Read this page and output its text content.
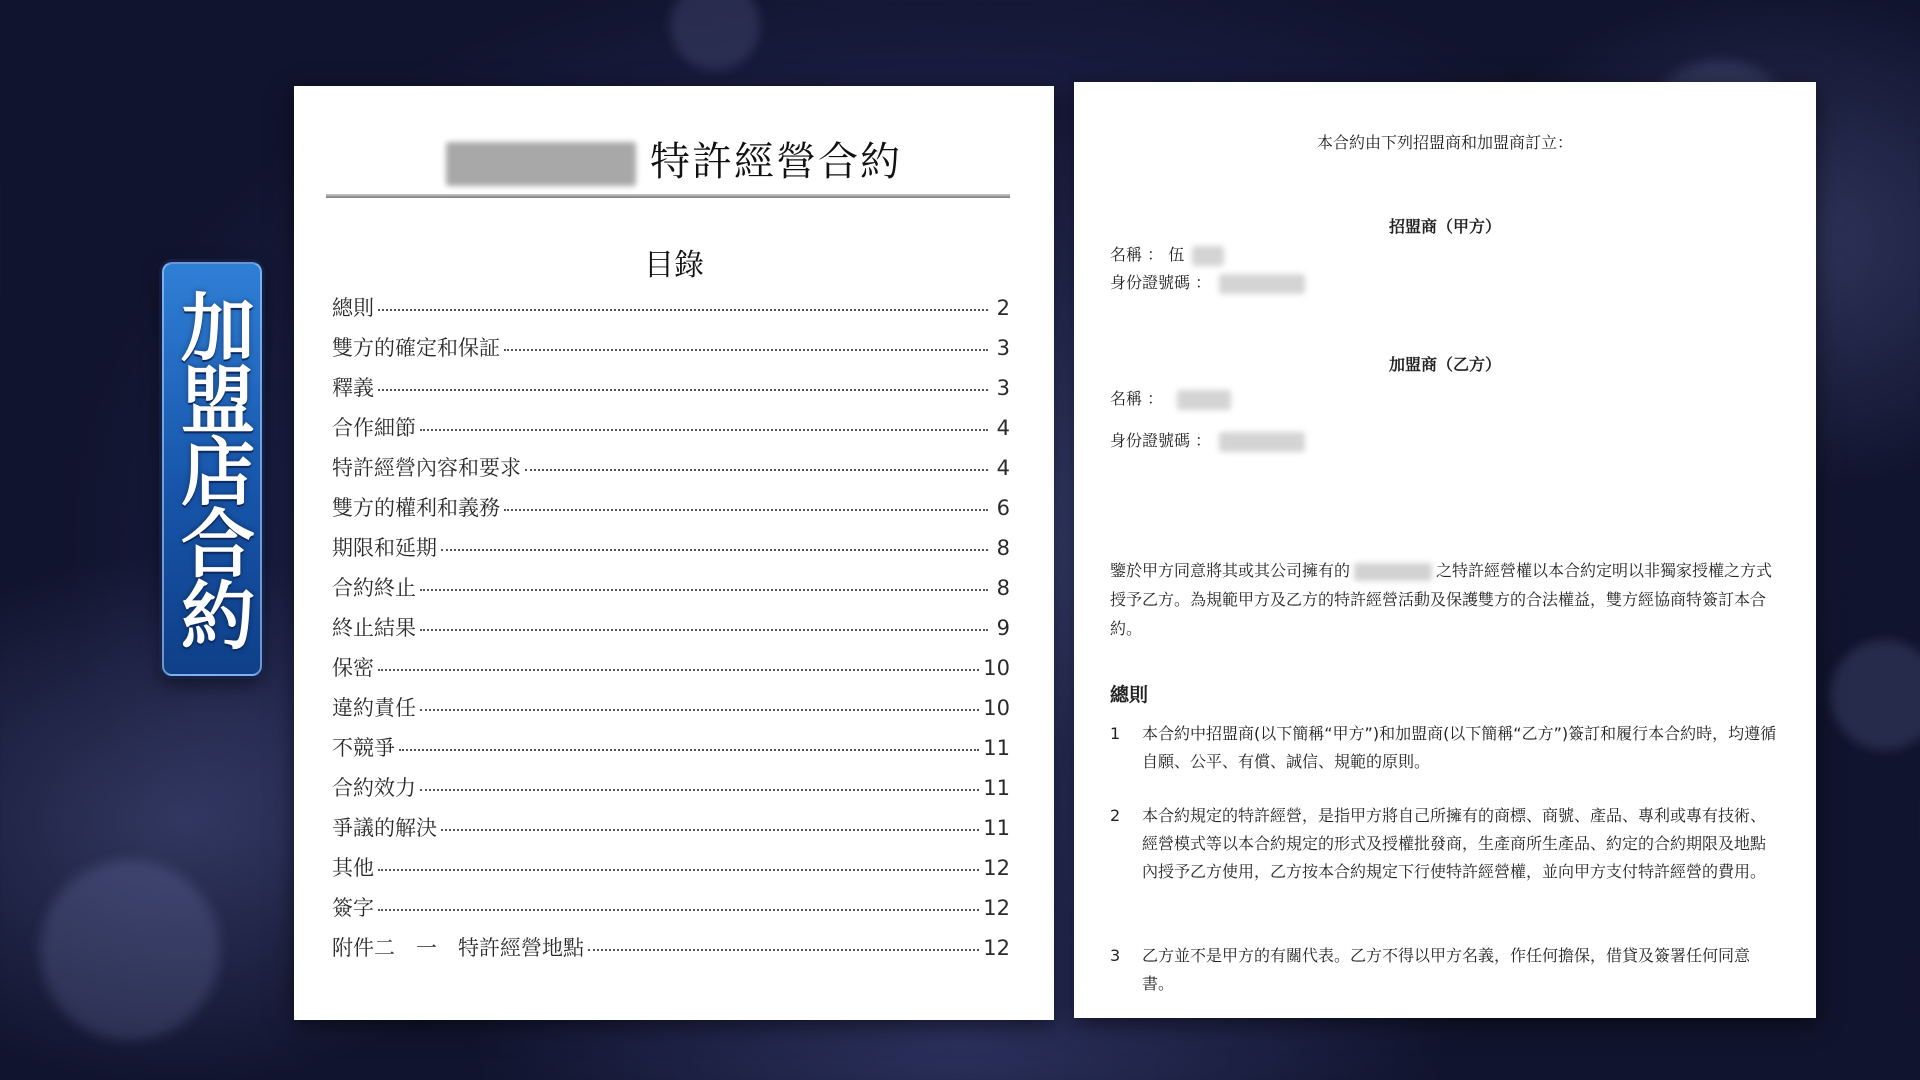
加盟店合約
特許經營合約
目錄
總則	2
雙方的確定和保証	3
釋義	3
合作細節	4
特許經營內容和要求	4
雙方的權利和義務	6
期限和延期	8
合約終止	8
終止結果	9
保密	10
違約責任	10
不競爭	11
合約效力	11
爭議的解決	11
其他	12
簽字	12
附件二　一　特許經營地點	12
本合約由下列招盟商和加盟商訂立：
招盟商（甲方）
名稱 ： 伍
身份證號碼 ：
加盟商（乙方）
名稱 ：
身份證號碼 ：
鑒於甲方同意將其或其公司擁有的	之特許經營權以本合約定明以非獨家授權之方式授予乙方。為規範甲方及乙方的特許經營活動及保護雙方的合法權益，雙方經協商特簽訂本合約。
總則
1	本合約中招盟商(以下簡稱“甲方”)和加盟商(以下簡稱“乙方”)簽訂和履行本合約時，均遵循自願、公平、有償、誠信、規範的原則。
2	本合約規定的特許經營，是指甲方將自己所擁有的商標、商號、產品、專利或專有技術、經營模式等以本合約規定的形式及授權批發商，生產商所生產品、約定的合約期限及地點內授予乙方使用，乙方按本合約規定下行使特許經營權，並向甲方支付特許經營的費用。
3	乙方並不是甲方的有關代表。乙方不得以甲方名義，作任何擔保，借貸及簽署任何同意書。
